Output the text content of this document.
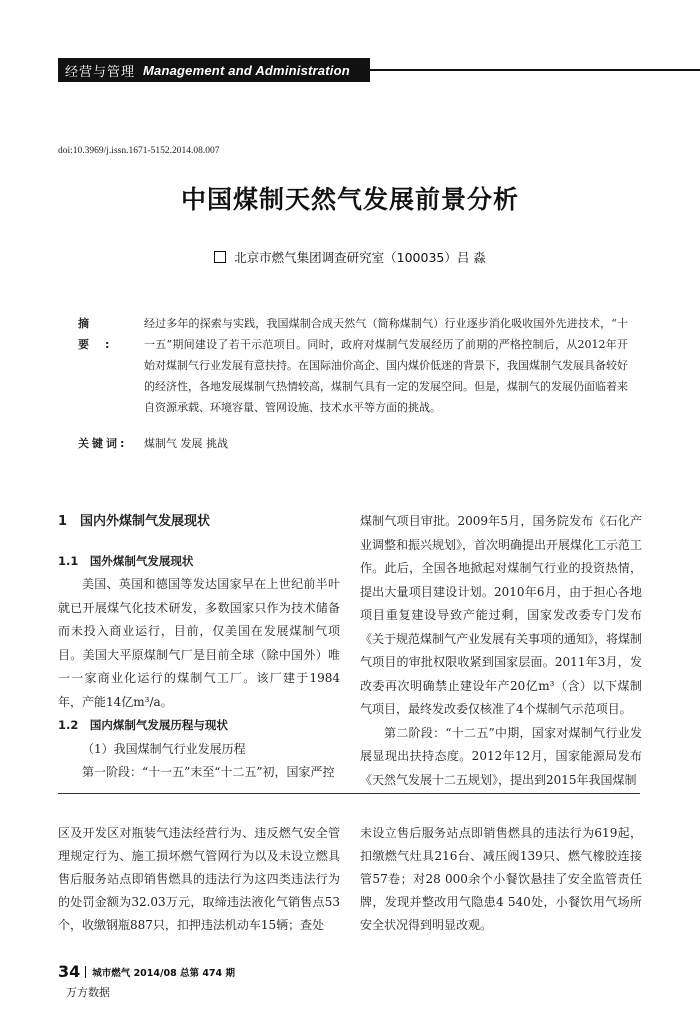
经营与管理 Management and Administration
doi:10.3969/j.issn.1671-5152.2014.08.007
中国煤制天然气发展前景分析
北京市燃气集团调查研究室（100035）吕 淼
摘要:
经过多年的探索与实践，我国煤制合成天然气（简称煤制气）行业逐步消化吸收国外先进技术，“十一五”期间建设了若干示范项目。同时，政府对煤制气发展经历了前期的严格控制后，从2012年开始对煤制气行业发展有意扶持。在国际油价高企、国内煤价低迷的背景下，我国煤制气发展具备较好的经济性，各地发展煤制气热情较高，煤制气具有一定的发展空间。但是，煤制气的发展仍面临着来自资源承载、环境容量、管网设施、技术水平等方面的挑战。
关键词: 煤制气 发展 挑战

1　国内外煤制气发展现状

1.1　国外煤制气发展现状

美国、英国和德国等发达国家早在上世纪前半叶就已开展煤气化技术研发，多数国家只作为技术储备而未投入商业运行，目前，仅美国在发展煤制气项目。美国大平原煤制气厂是目前全球（除中国外）唯一一家商业化运行的煤制气工厂。该厂建于1984年，产能14亿m³/a。

1.2　国内煤制气发展历程与现状

（1）我国煤制气行业发展历程

第一阶段：“十一五”末至“十二五”初，国家严控

煤制气项目审批。2009年5月，国务院发布《石化产业调整和振兴规划》，首次明确提出开展煤化工示范工作。此后，全国各地掀起对煤制气行业的投资热情，提出大量项目建设计划。2010年6月，由于担心各地项目重复建设导致产能过剩，国家发改委专门发布《关于规范煤制气产业发展有关事项的通知》，将煤制气项目的审批权限收紧到国家层面。2011年3月，发改委再次明确禁止建设年产20亿m³（含）以下煤制气项目，最终发改委仅核准了4个煤制气示范项目。

第二阶段：“十二五”中期，国家对煤制气行业发展显现出扶持态度。2012年12月，国家能源局发布《天然气发展十二五规划》，提出到2015年我国煤制

区及开发区对瓶装气违法经营行为、违反燃气安全管理规定行为、施工损坏燃气管网行为以及未设立燃具售后服务站点即销售燃具的违法行为这四类违法行为的处罚金额为32.03万元，取缔违法液化气销售点53个，收缴钢瓶887只，扣押违法机动车15辆；查处

未设立售后服务站点即销售燃具的违法行为619起，扣缴燃气灶具216台、减压阀139只、燃气橡胶连接管57卷；对28 000余个小餐饮悬挂了安全监管责任牌，发现并整改用气隐患4 540处，小餐饮用气场所安全状况得到明显改观。

34 城市燃气 2014/08 总第 474 期
万方数据
